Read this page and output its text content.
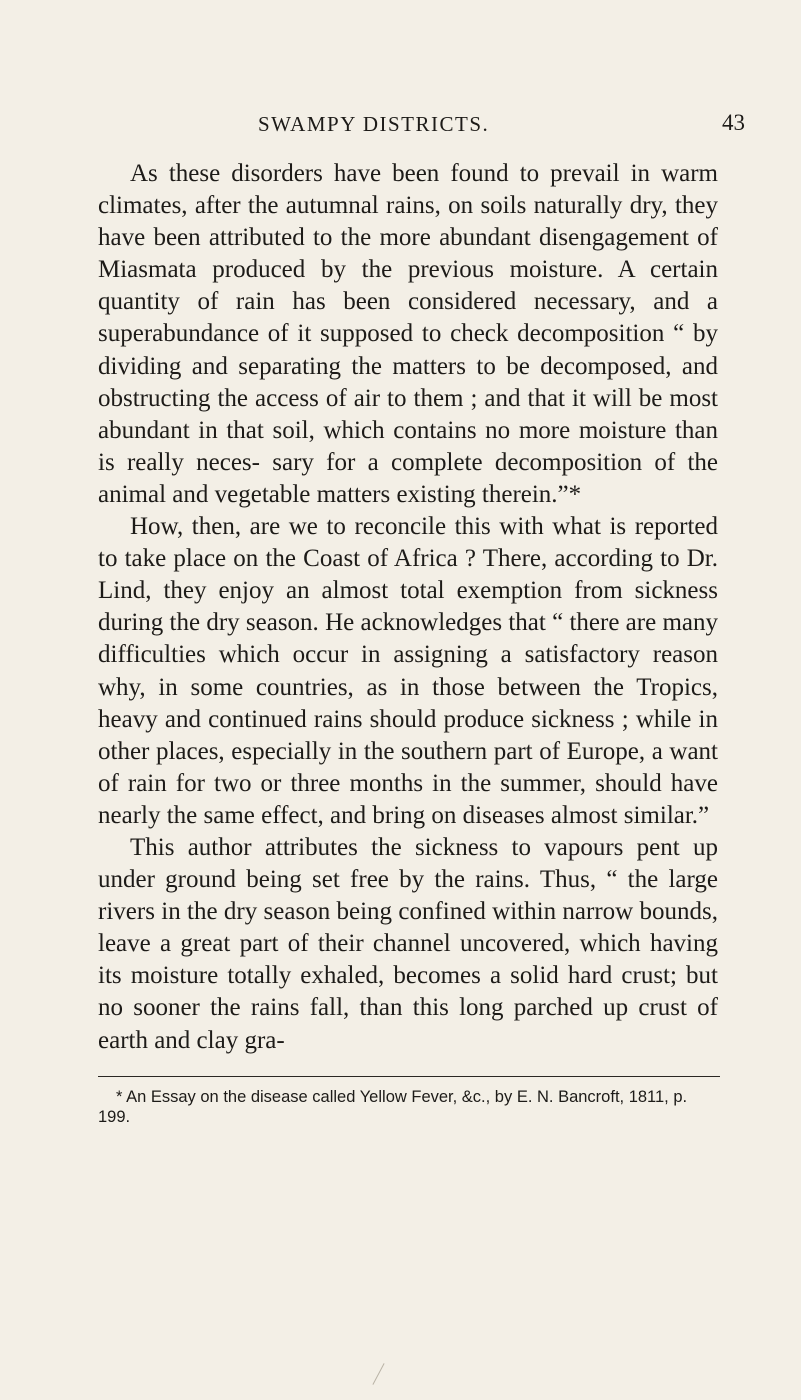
SWAMPY DISTRICTS.	43

As these disorders have been found to prevail in warm climates, after the autumnal rains, on soils naturally dry, they have been attributed to the more abundant disengagement of Miasmata produced by the previous moisture. A certain quantity of rain has been considered necessary, and a superabundance of it supposed to check decomposition “ by dividing and separating the matters to be decomposed, and obstructing the access of air to them ; and that it will be most abundant in that soil, which contains no more moisture than is really neces- sary for a complete decomposition of the animal and vegetable matters existing therein.”*

How, then, are we to reconcile this with what is reported to take place on the Coast of Africa ? There, according to Dr. Lind, they enjoy an almost total exemption from sickness during the dry season. He acknowledges that “ there are many difficulties which occur in assigning a satisfactory reason why, in some countries, as in those between the Tropics, heavy and continued rains should produce sickness ; while in other places, especially in the southern part of Europe, a want of rain for two or three months in the summer, should have nearly the same effect, and bring on diseases almost similar.”

This author attributes the sickness to vapours pent up under ground being set free by the rains. Thus, “ the large rivers in the dry season being confined within narrow bounds, leave a great part of their channel uncovered, which having its moisture totally exhaled, becomes a solid hard crust; but no sooner the rains fall, than this long parched up crust of earth and clay gra-

* An Essay on the disease called Yellow Fever, &c., by E. N. Bancroft, 1811, p. 199.
